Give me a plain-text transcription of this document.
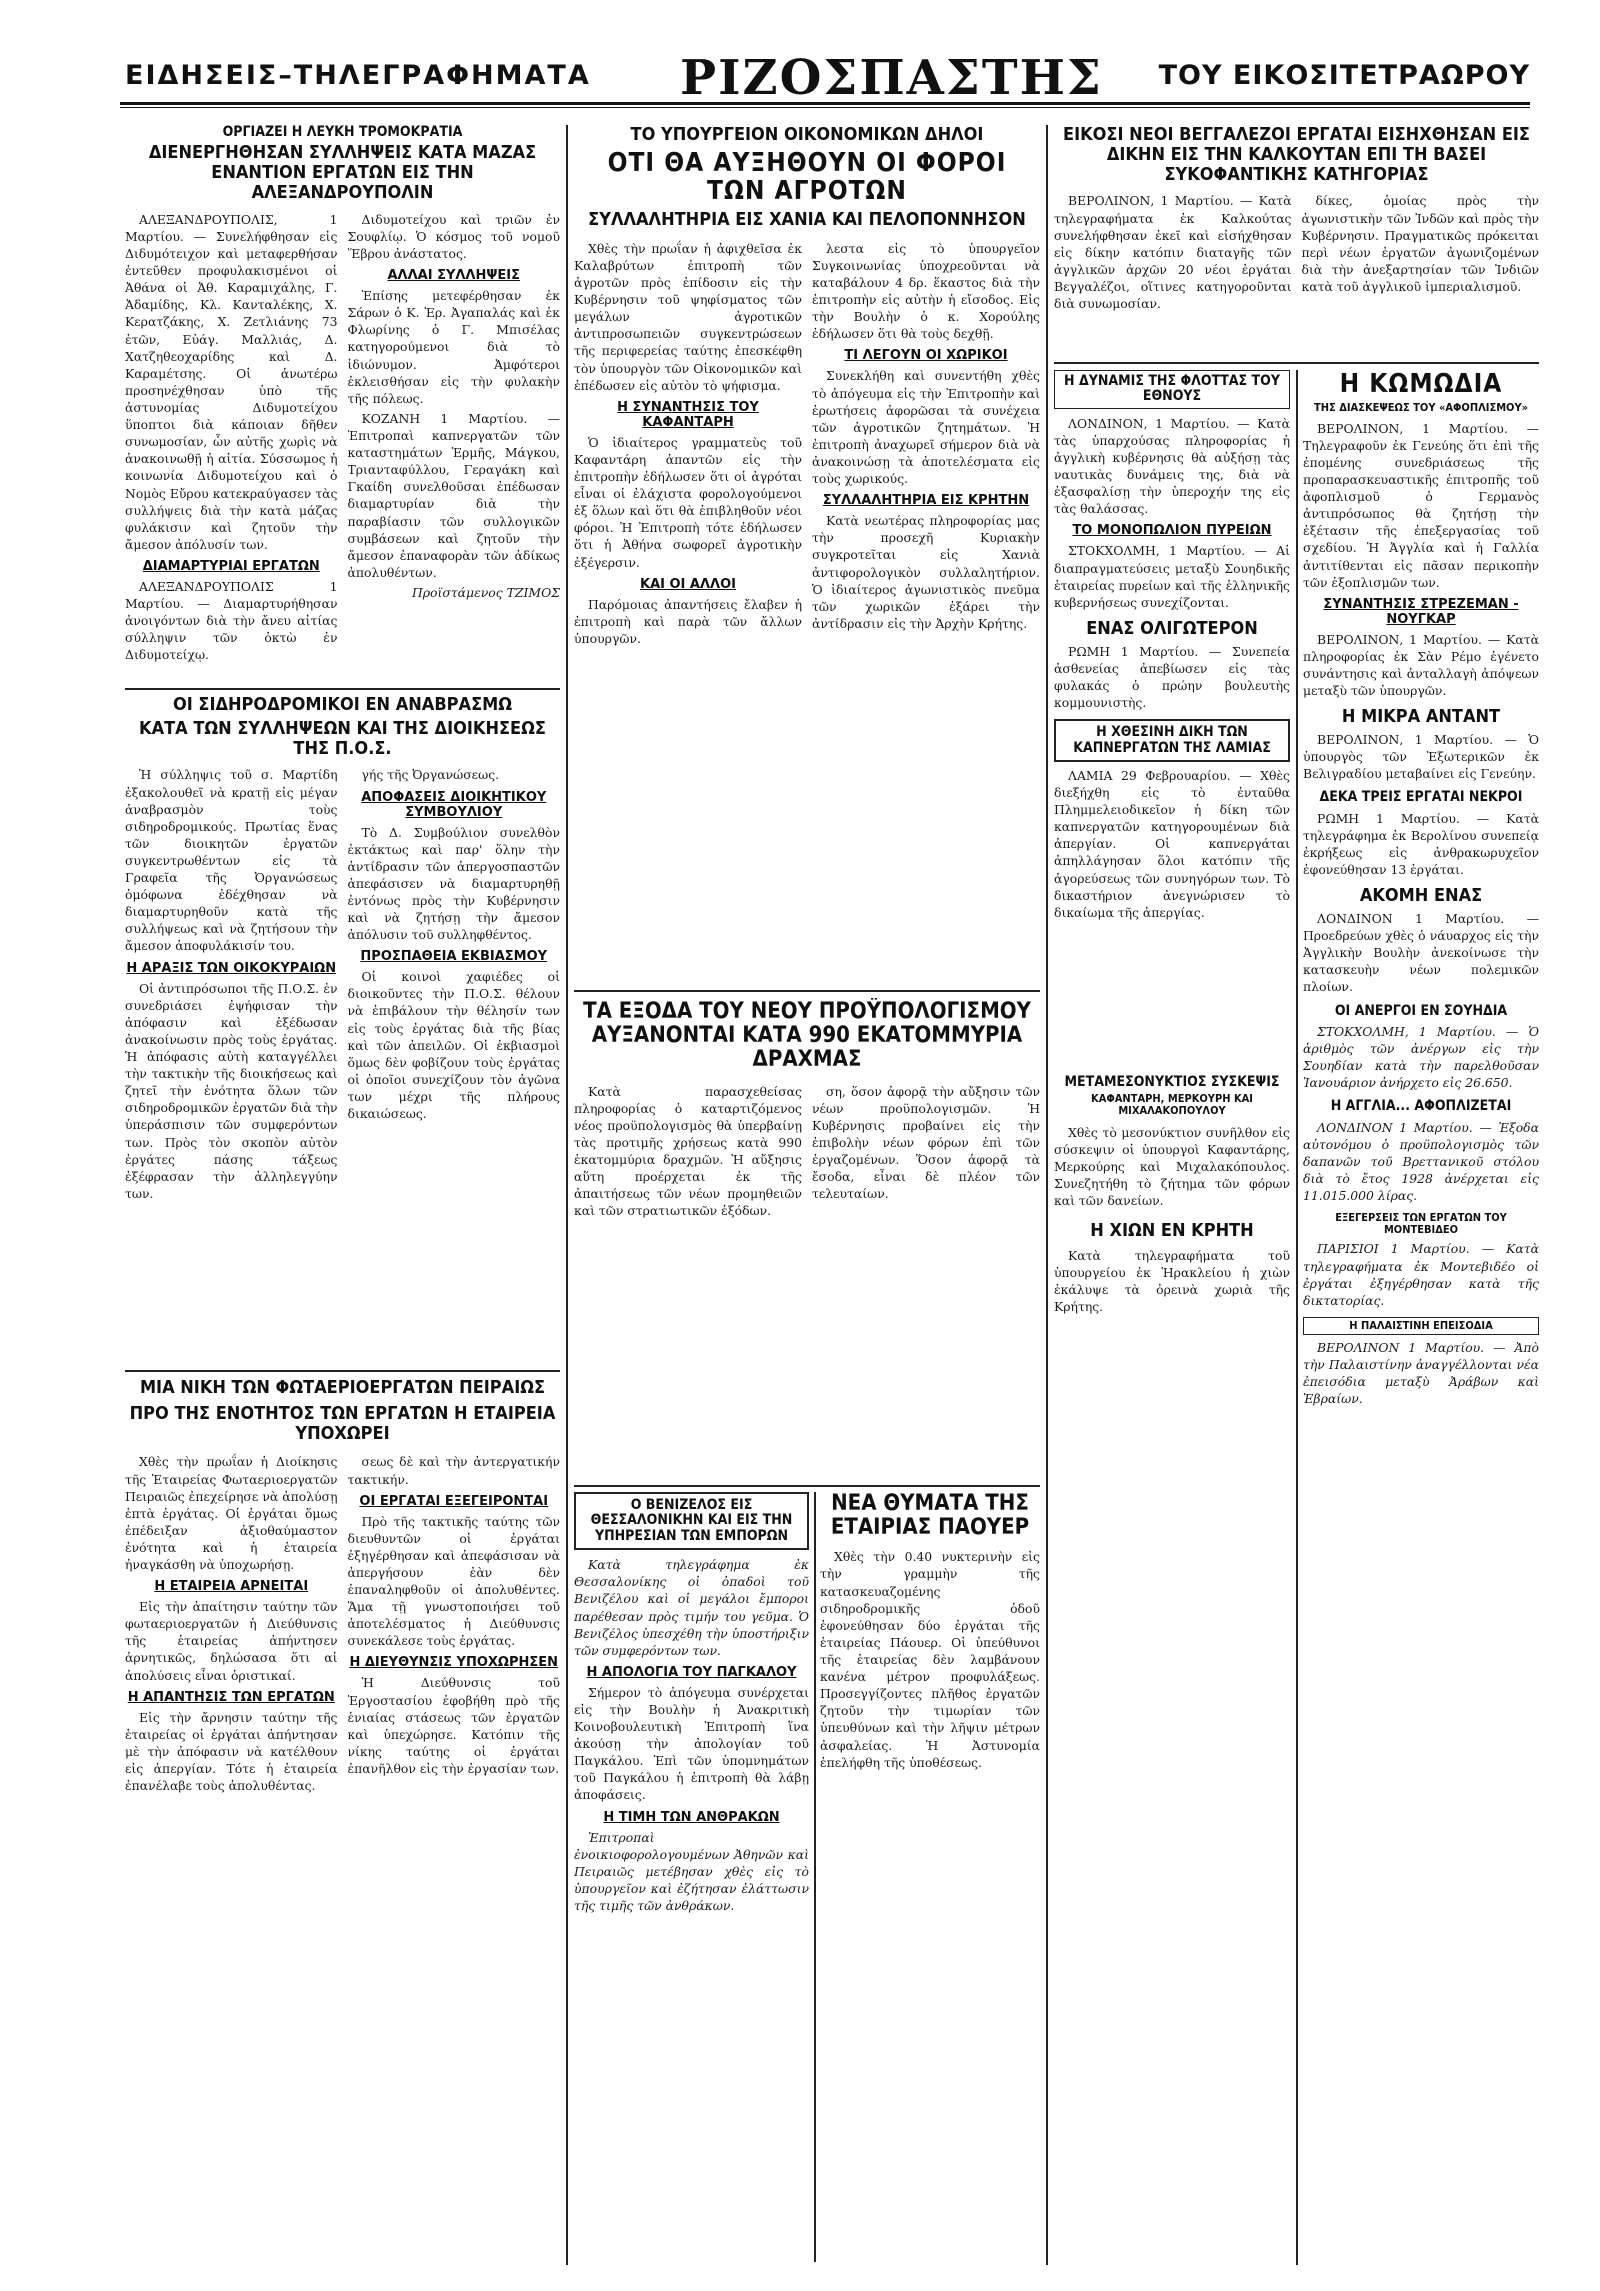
ΕΙΔΗΣΕΙΣ–ΤΗΛΕΓΡΑΦΗΜΑΤΑ ΡΙΖΟΣΠΑΣΤΗΣ ΤΟΥ ΕΙΚΟΣΙΤΕΤΡΑΩΡΟΥ
ΟΡΓΙΑΖΕΙ Η ΛΕΥΚΗ ΤΡΟΜΟΚΡΑΤΙΑ
ΔΙΕΝΕΡΓΗΘΗΣΑΝ ΣΥΛΛΗΨΕΙΣ ΚΑΤΑ ΜΑΖΑΣ ΕΝΑΝΤΙΟΝ ΕΡΓΑΤΩΝ ΕΙΣ ΤΗΝ ΑΛΕΞΑΝΔΡΟΥΠΟΛΙΝ

ΑΛΕΞΑΝΔΡΟΥΠΟΛΙΣ, 1 Μαρτίου. — Συνελήφθησαν εἰς Διδυμότειχον καὶ μεταφερθήσαν ἐντεῦθεν προφυλακισμένοι οἱ Ἀθάνα οἱ Ἀθ. Καραμιχάλης, Γ. Ἀδαμίδης, Κλ. Κανταλέκης, Χ. Κερατζάκης, Χ. Ζετλιάνης 73 ἐτῶν, Εὐάγ. Μαλλιάς, Δ. Χατζηθεοχαρίδης καὶ Δ. Καραμέτσης. Οἱ ἀνωτέρω προσηνέχθησαν ὑπὸ τῆς ἀστυνομίας Διδυμοτείχου ὕποπτοι διὰ κάποιαν δῆθεν συνωμοσίαν, ὧν αὐτῆς χωρὶς νὰ ἀνακοινωθῇ ἡ αἰτία. Σύσσωμος ἡ κοινωνία Διδυμοτείχου καὶ ὁ Νομὸς Εὔρου κατεκραύγασεν τὰς συλλήψεις διὰ τὴν κατὰ μάζας φυλάκισιν καὶ ζητοῦν τὴν ἄμεσον ἀπόλυσίν των.

ΔΙΑΜΑΡΤΥΡΙΑΙ ΕΡΓΑΤΩΝ

ΑΛΕΞΑΝΔΡΟΥΠΟΛΙΣ 1 Μαρτίου. — Διαμαρτυρήθησαν ἀνοιγόντων διὰ τὴν ἄνευ αἰτίας σύλληψιν τῶν ὀκτὼ ἐν Διδυμοτείχῳ.

Διδυμοτείχου καὶ τριῶν ἐν Σουφλίῳ. Ὁ κόσμος τοῦ νομοῦ Ἕβρου ἀνάστατος.

ΑΛΛΑΙ ΣΥΛΛΗΨΕΙΣ

Ἐπίσης μετεφέρθησαν ἐκ Σάρων ὁ Κ. Ἐρ. Ἀγαπαλάς καὶ ἐκ Φλωρίνης ὁ Γ. Μπισέλας κατηγορούμενοι διὰ τὸ ἰδιώνυμον. Ἀμφότεροι ἐκλεισθήσαν εἰς τὴν φυλακὴν τῆς πόλεως.

ΚΟΖΑΝΗ 1 Μαρτίου. — Ἐπιτροπαὶ καπνεργατῶν τῶν καταστημάτων Ἑρμῆς, Μάγκου, Τριανταφύλλου, Γεραγάκη καὶ Γκαίδη συνελθοῦσαι ἐπέδωσαν διαμαρτυρίαν διὰ τὴν παραβίασιν τῶν συλλογικῶν συμβάσεων καὶ ζητοῦν τὴν ἄμεσον ἐπαναφορὰν τῶν ἀδίκως ἀπολυθέντων.

Προϊστάμενος ΤΖΙΜΟΣ

ΟΙ ΣΙΔΗΡΟΔΡΟΜΙΚΟΙ ΕΝ ΑΝΑΒΡΑΣΜΩ
ΚΑΤΑ ΤΩΝ ΣΥΛΛΗΨΕΩΝ ΚΑΙ ΤΗΣ ΔΙΟΙΚΗΣΕΩΣ ΤΗΣ Π.Ο.Σ.

Ἡ σύλληψις τοῦ σ. Μαρτίδη ἐξακολουθεῖ νὰ κρατῇ εἰς μέγαν ἀναβρασμὸν τοὺς σιδηροδρομικούς. Πρωτίας ἕνας τῶν διοικητῶν ἐργατῶν συγκεντρωθέντων εἰς τὰ Γραφεῖα τῆς Ὀργανώσεως ὁμόφωνα ἐδέχθησαν νὰ διαμαρτυρηθοῦν κατὰ τῆς συλλήψεως καὶ νὰ ζητήσουν τὴν ἄμεσον ἀποφυλάκισίν του.

Η ΑΡΑΞΙΣ ΤΩΝ ΟΙΚΟΚΥΡΑΙΩΝ

Οἱ ἀντιπρόσωποι τῆς Π.Ο.Σ. ἐν συνεδριάσει ἐψήφισαν τὴν ἀπόφασιν καὶ ἐξέδωσαν ἀνακοίνωσιν πρὸς τοὺς ἐργάτας. Ἡ ἀπόφασις αὐτὴ καταγγέλλει τὴν τακτικὴν τῆς διοικήσεως καὶ ζητεῖ τὴν ἐνότητα ὅλων τῶν σιδηροδρομικῶν ἐργατῶν διὰ τὴν ὑπεράσπισιν τῶν συμφερόντων των. Πρὸς τὸν σκοπὸν αὐτὸν ἐργάτες πάσης τάξεως ἐξέφρασαν τὴν ἀλληλεγγύην των.

γής τῆς Ὀργανώσεως.

ΑΠΟΦΑΣΕΙΣ ΔΙΟΙΚΗΤΙΚΟΥ ΣΥΜΒΟΥΛΙΟΥ

Τὸ Δ. Συμβούλιον συνελθὸν ἐκτάκτως καὶ παρ' ὅλην τὴν ἀντίδρασιν τῶν ἀπεργοσπαστῶν ἀπεφάσισεν νὰ διαμαρτυρηθῇ ἐντόνως πρὸς τὴν Κυβέρνησιν καὶ νὰ ζητήσῃ τὴν ἄμεσον ἀπόλυσιν τοῦ συλληφθέντος.

ΠΡΟΣΠΑΘΕΙΑ ΕΚΒΙΑΣΜΟΥ

Οἱ κοινοὶ χαφιέδες οἱ διοικοῦντες τὴν Π.Ο.Σ. θέλουν νὰ ἐπιβάλουν τὴν θέλησίν των εἰς τοὺς ἐργάτας διὰ τῆς βίας καὶ τῶν ἀπειλῶν. Οἱ ἐκβιασμοὶ ὅμως δὲν φοβίζουν τοὺς ἐργάτας οἱ ὁποῖοι συνεχίζουν τὸν ἀγῶνα των μέχρι τῆς πλήρους δικαιώσεως.

ΜΙΑ ΝΙΚΗ ΤΩΝ ΦΩΤΑΕΡΙΟΕΡΓΑΤΩΝ ΠΕΙΡΑΙΩΣ
ΠΡΟ ΤΗΣ ΕΝΟΤΗΤΟΣ ΤΩΝ ΕΡΓΑΤΩΝ Η ΕΤΑΙΡΕΙΑ ΥΠΟΧΩΡΕΙ

Χθὲς τὴν πρωΐαν ἡ Διοίκησις τῆς Ἑταιρείας Φωταεριοεργατῶν Πειραιῶς ἐπεχείρησε νὰ ἀπολύσῃ ἑπτὰ ἐργάτας. Οἱ ἐργάται ὅμως ἐπέδειξαν ἀξιοθαύμαστον ἐνότητα καὶ ἡ ἑταιρεία ἠναγκάσθη νὰ ὑποχωρήσῃ.

Η ΕΤΑΙΡΕΙΑ ΑΡΝΕΙΤΑΙ

Εἰς τὴν ἀπαίτησιν ταύτην τῶν φωταεριοεργατῶν ἡ Διεύθυνσις τῆς ἑταιρείας ἀπήντησεν ἀρνητικῶς, δηλώσασα ὅτι αἱ ἀπολύσεις εἶναι ὁριστικαί.

Η ΑΠΑΝΤΗΣΙΣ ΤΩΝ ΕΡΓΑΤΩΝ

Εἰς τὴν ἄρνησιν ταύτην τῆς ἑταιρείας οἱ ἐργάται ἀπήντησαν μὲ τὴν ἀπόφασιν νὰ κατέλθουν εἰς ἀπεργίαν. Τότε ἡ ἑταιρεία ἐπανέλαβε τοὺς ἀπολυθέντας.

σεως δὲ καὶ τὴν ἀντεργατικήν τακτικήν.

ΟΙ ΕΡΓΑΤΑΙ ΕΞΕΓΕΙΡΟΝΤΑΙ

Πρὸ τῆς τακτικῆς ταύτης τῶν διευθυντῶν οἱ ἐργάται ἐξηγέρθησαν καὶ ἀπεφάσισαν νὰ ἀπεργήσουν ἐὰν δὲν ἐπαναληφθοῦν οἱ ἀπολυθέντες. Ἅμα τῇ γνωστοποιήσει τοῦ ἀποτελέσματος ἡ Διεύθυνσις συνεκάλεσε τοὺς ἐργάτας.

Η ΔΙΕΥΘΥΝΣΙΣ ΥΠΟΧΩΡΗΣΕΝ

Ἡ Διεύθυνσις τοῦ Ἐργοστασίου ἐφοβήθη πρὸ τῆς ἑνιαίας στάσεως τῶν ἐργατῶν καὶ ὑπεχώρησε. Κατόπιν τῆς νίκης ταύτης οἱ ἐργάται ἐπανῆλθον εἰς τὴν ἐργασίαν των.

ΤΟ ΥΠΟΥΡΓΕΙΟΝ ΟΙΚΟΝΟΜΙΚΩΝ ΔΗΛΟΙ
ΟΤΙ ΘΑ ΑΥΞΗΘΟΥΝ ΟΙ ΦΟΡΟΙ ΤΩΝ ΑΓΡΟΤΩΝ
ΣΥΛΛΑΛΗΤΗΡΙΑ ΕΙΣ ΧΑΝΙΑ ΚΑΙ ΠΕΛΟΠΟΝΝΗΣΟΝ

Χθὲς τὴν πρωΐαν ἡ ἀφιχθεῖσα ἐκ Καλαβρύτων ἐπιτροπὴ τῶν ἀγροτῶν πρὸς ἐπίδοσιν εἰς τὴν Κυβέρνησιν τοῦ ψηφίσματος τῶν μεγάλων ἀγροτικῶν ἀντιπροσωπειῶν συγκεντρώσεων τῆς περιφερείας ταύτης ἐπεσκέφθη τὸν ὑπουργὸν τῶν Οἰκονομικῶν καὶ ἐπέδωσεν εἰς αὐτὸν τὸ ψήφισμα.

Η ΣΥΝΑΝΤΗΣΙΣ ΤΟΥ ΚΑΦΑΝΤΑΡΗ

Ὁ ἰδιαίτερος γραμματεὺς τοῦ Καφαντάρη ἀπαντῶν εἰς τὴν ἐπιτροπὴν ἐδήλωσεν ὅτι οἱ ἀγρόται εἶναι οἱ ἐλάχιστα φορολογούμενοι ἐξ ὅλων καὶ ὅτι θὰ ἐπιβληθοῦν νέοι φόροι. Ἡ Ἐπιτροπὴ τότε ἐδήλωσεν ὅτι ἡ Ἀθήνα σωφορεῖ ἀγροτικὴν ἐξέγερσιν.

ΚΑΙ ΟΙ ΑΛΛΟΙ

Παρόμοιας ἀπαντήσεις ἔλαβεν ἡ ἐπιτροπὴ καὶ παρὰ τῶν ἄλλων ὑπουργῶν.

λεστα εἰς τὸ ὑπουργεῖον Συγκοινωνίας ὑποχρεοῦνται νὰ καταβάλουν 4 δρ. ἕκαστος διὰ τὴν ἐπιτροπὴν εἰς αὐτὴν ἡ εἴσοδος. Εἰς τὴν Βουλὴν ὁ κ. Χορούλης ἐδήλωσεν ὅτι θὰ τοὺς δεχθῇ.

ΤΙ ΛΕΓΟΥΝ ΟΙ ΧΩΡΙΚΟΙ

Συνεκλήθη καὶ συνεντήθη χθὲς τὸ ἀπόγευμα εἰς τὴν Ἐπιτροπὴν καὶ ἐρωτήσεις ἀφορῶσαι τὰ συνέχεια τῶν ἀγροτικῶν ζητημάτων. Ἡ ἐπιτροπὴ ἀναχωρεῖ σήμερον διὰ νὰ ἀνακοινώσῃ τὰ ἀποτελέσματα εἰς τοὺς χωρικούς.

ΣΥΛΛΑΛΗΤΗΡΙΑ ΕΙΣ ΚΡΗΤΗΝ

Κατὰ νεωτέρας πληροφορίας μας τὴν προσεχῆ Κυριακὴν συγκροτεῖται εἰς Χανιὰ ἀντιφορολογικὸν συλλαλητήριον. Ὁ ἰδιαίτερος ἀγωνιστικὸς πνεῦμα τῶν χωρικῶν ἐξάρει τὴν ἀντίδρασιν εἰς τὴν Ἀρχὴν Κρήτης.

ΤΑ ΕΞΟΔΑ ΤΟΥ ΝΕΟΥ ΠΡΟΫΠΟΛΟΓΙΣΜΟΥ ΑΥΞΑΝΟΝΤΑΙ ΚΑΤΑ 990 ΕΚΑΤΟΜΜΥΡΙΑ ΔΡΑΧΜΑΣ

Κατὰ παρασχεθείσας πληροφορίας ὁ καταρτιζόμενος νέος προϋπολογισμὸς θὰ ὑπερβαίνῃ τὰς προτιμῆς χρήσεως κατὰ 990 ἑκατομμύρια δραχμῶν. Ἡ αὔξησις αὕτη προέρχεται ἐκ τῆς ἀπαιτήσεως τῶν νέων προμηθειῶν καὶ τῶν στρατιωτικῶν ἐξόδων.

ση, ὅσον ἀφορᾷ τὴν αὔξησιν τῶν νέων προϋπολογισμῶν. Ἡ Κυβέρνησις προβαίνει εἰς τὴν ἐπιβολὴν νέων φόρων ἐπὶ τῶν ἐργαζομένων. Ὅσον ἀφορᾷ τὰ ἔσοδα, εἶναι δὲ πλέον τῶν τελευταίων.

Ο ΒΕΝΙΖΕΛΟΣ ΕΙΣ ΘΕΣΣΑΛΟΝΙΚΗΝ ΚΑΙ ΕΙΣ ΤΗΝ ΥΠΗΡΕΣΙΑΝ ΤΩΝ ΕΜΠΟΡΩΝ

Κατὰ τηλεγράφημα ἐκ Θεσσαλονίκης οἱ ὀπαδοὶ τοῦ Βενιζέλου καὶ οἱ μεγάλοι ἔμποροι παρέθεσαν πρὸς τιμήν του γεῦμα. Ὁ Βενιζέλος ὑπεσχέθη τὴν ὑποστήριξιν τῶν συμφερόντων των.

Η ΑΠΟΛΟΓΙΑ ΤΟΥ ΠΑΓΚΑΛΟΥ

Σήμερον τὸ ἀπόγευμα συνέρχεται εἰς τὴν Βουλὴν ἡ Ἀνακριτικὴ Κοινοβουλευτικὴ Ἐπιτροπὴ ἵνα ἀκούσῃ τὴν ἀπολογίαν τοῦ Παγκάλου. Ἐπὶ τῶν ὑπομνημάτων τοῦ Παγκάλου ἡ ἐπιτροπὴ θὰ λάβῃ ἀποφάσεις.

Η ΤΙΜΗ ΤΩΝ ΑΝΘΡΑΚΩΝ

Ἐπιτροπαὶ ἐνοικιοφορολογουμένων Ἀθηνῶν καὶ Πειραιῶς μετέβησαν χθὲς εἰς τὸ ὑπουργεῖον καὶ ἐζήτησαν ἐλάττωσιν τῆς τιμῆς τῶν ἀνθράκων.

ΝΕΑ ΘΥΜΑΤΑ ΤΗΣ ΕΤΑΙΡΙΑΣ ΠΑΟΥΕΡ

Χθὲς τὴν 0.40 νυκτερινὴν εἰς τὴν γραμμὴν τῆς κατασκευαζομένης σιδηροδρομικῆς ὁδοῦ ἐφονεύθησαν δύο ἐργάται τῆς ἑταιρείας Πάουερ. Οἱ ὑπεύθυνοι τῆς ἑταιρείας δὲν λαμβάνουν κανένα μέτρον προφυλάξεως. Προσεγγίζοντες πλῆθος ἐργατῶν ζητοῦν τὴν τιμωρίαν τῶν ὑπευθύνων καὶ τὴν λῆψιν μέτρων ἀσφαλείας. Ἡ Ἀστυνομία ἐπελήφθη τῆς ὑποθέσεως.

ΕΙΚΟΣΙ ΝΕΟΙ ΒΕΓΓΑΛΕΖΟΙ ΕΡΓΑΤΑΙ ΕΙΣΗΧΘΗΣΑΝ ΕΙΣ ΔΙΚΗΝ ΕΙΣ ΤΗΝ ΚΑΛΚΟΥΤΑΝ ΕΠΙ ΤΗ ΒΑΣΕΙ ΣΥΚΟΦΑΝΤΙΚΗΣ ΚΑΤΗΓΟΡΙΑΣ

ΒΕΡΟΛΙΝΟΝ, 1 Μαρτίου. — Κατὰ τηλεγραφήματα ἐκ Καλκούτας συνελήφθησαν ἐκεῖ καὶ εἰσήχθησαν εἰς δίκην κατόπιν διαταγῆς τῶν ἀγγλικῶν ἀρχῶν 20 νέοι ἐργάται Βεγγαλέζοι, οἵτινες κατηγοροῦνται διὰ συνωμοσίαν.

δίκες, ὁμοίας πρὸς τὴν ἀγωνιστικὴν τῶν Ἰνδῶν καὶ πρὸς τὴν Κυβέρνησιν. Πραγματικῶς πρόκειται περὶ νέων ἐργατῶν ἀγωνιζομένων διὰ τὴν ἀνεξαρτησίαν τῶν Ἰνδιῶν κατὰ τοῦ ἀγγλικοῦ ἰμπεριαλισμοῦ.

Η ΔΥΝΑΜΙΣ ΤΗΣ ΦΛΟΤΤΑΣ ΤΟΥ ΕΘΝΟΥΣ

ΛΟΝΔΙΝΟΝ, 1 Μαρτίου. — Κατὰ τὰς ὑπαρχούσας πληροφορίας ἡ ἀγγλικὴ κυβέρνησις θὰ αὐξήσῃ τὰς ναυτικὰς δυνάμεις της, διὰ νὰ ἐξασφαλίσῃ τὴν ὑπεροχήν της εἰς τὰς θαλάσσας.

ΤΟ ΜΟΝΟΠΩΛΙΟΝ ΠΥΡΕΙΩΝ

ΣΤΟΚΧΟΛΜΗ, 1 Μαρτίου. — Αἱ διαπραγματεύσεις μεταξὺ Σουηδικῆς ἑταιρείας πυρείων καὶ τῆς ἑλληνικῆς κυβερνήσεως συνεχίζονται.

ΕΝΑΣ ΟΛΙΓΩΤΕΡΟΝ

ΡΩΜΗ 1 Μαρτίου. — Συνεπεία ἀσθενείας ἀπεβίωσεν εἰς τὰς φυλακάς ὁ πρώην βουλευτὴς κομμουνιστὴς.

Η ΧΘΕΣΙΝΗ ΔΙΚΗ ΤΩΝ ΚΑΠΝΕΡΓΑΤΩΝ ΤΗΣ ΛΑΜΙΑΣ

ΛΑΜΙΑ 29 Φεβρουαρίου. — Χθὲς διεξήχθη εἰς τὸ ἐνταῦθα Πλημμελειοδικεῖον ἡ δίκη τῶν καπνεργατῶν κατηγορουμένων διὰ ἀπεργίαν. Οἱ καπνεργάται ἀπηλλάγησαν ὅλοι κατόπιν τῆς ἀγορεύσεως τῶν συνηγόρων των. Τὸ δικαστήριον ἀνεγνώρισεν τὸ δικαίωμα τῆς ἀπεργίας.

ΜΕΤΑΜΕΣΟΝΥΚΤΙΟΣ ΣΥΣΚΕΨΙΣ
ΚΑΦΑΝΤΑΡΗ, ΜΕΡΚΟΥΡΗ ΚΑΙ ΜΙΧΑΛΑΚΟΠΟΥΛΟΥ

Χθὲς τὸ μεσονύκτιον συνῆλθον εἰς σύσκεψιν οἱ ὑπουργοὶ Καφαντάρης, Μερκούρης καὶ Μιχαλακόπουλος. Συνεζητήθη τὸ ζήτημα τῶν φόρων καὶ τῶν δανείων.

Η ΧΙΩΝ ΕΝ ΚΡΗΤΗ

Κατὰ τηλεγραφήματα τοῦ ὑπουργείου ἐκ Ἡρακλείου ἡ χιὼν ἐκάλυψε τὰ ὀρεινὰ χωριὰ τῆς Κρήτης.

Η ΚΩΜΩΔΙΑ
ΤΗΣ ΔΙΑΣΚΕΨΕΩΣ ΤΟΥ «ΑΦΟΠΛΙΣΜΟΥ»

ΒΕΡΟΛΙΝΟΝ, 1 Μαρτίου. — Τηλεγραφοῦν ἐκ Γενεύης ὅτι ἐπὶ τῆς ἐπομένης συνεδριάσεως τῆς προπαρασκευαστικῆς ἐπιτροπῆς τοῦ ἀφοπλισμοῦ ὁ Γερμανὸς ἀντιπρόσωπος θὰ ζητήσῃ τὴν ἐξέτασιν τῆς ἐπεξεργασίας τοῦ σχεδίου. Ἡ Ἀγγλία καὶ ἡ Γαλλία ἀντιτίθενται εἰς πᾶσαν περικοπὴν τῶν ἐξοπλισμῶν των.

ΣΥΝΑΝΤΗΣΙΣ ΣΤΡΕΖΕΜΑΝ ‑ ΝΟΥΓΚΑΡ

ΒΕΡΟΛΙΝΟΝ, 1 Μαρτίου. — Κατὰ πληροφορίας ἐκ Σὰν Ρέμο ἐγένετο συνάντησις καὶ ἀνταλλαγὴ ἀπόψεων μεταξὺ τῶν ὑπουργῶν.

Η ΜΙΚΡΑ ΑΝΤΑΝΤ

ΒΕΡΟΛΙΝΟΝ, 1 Μαρτίου. — Ὁ ὑπουργὸς τῶν Ἐξωτερικῶν ἐκ Βελιγραδίου μεταβαίνει εἰς Γενεύην.

ΔΕΚΑ ΤΡΕΙΣ ΕΡΓΑΤΑΙ ΝΕΚΡΟΙ

ΡΩΜΗ 1 Μαρτίου. — Κατὰ τηλεγράφημα ἐκ Βερολίνου συνεπείᾳ ἐκρήξεως εἰς ἀνθρακωρυχεῖον ἐφονεύθησαν 13 ἐργάται.

ΑΚΟΜΗ ΕΝΑΣ

ΛΟΝΔΙΝΟΝ 1 Μαρτίου. — Προεδρεύων χθὲς ὁ νάυαρχος εἰς τὴν Ἀγγλικὴν Βουλὴν ἀνεκοίνωσε τὴν κατασκευὴν νέων πολεμικῶν πλοίων.

ΟΙ ΑΝΕΡΓΟΙ ΕΝ ΣΟΥΗΔΙΑ

ΣΤΟΚΧΟΛΜΗ, 1 Μαρτίου. — Ὁ ἀριθμὸς τῶν ἀνέργων εἰς τὴν Σουηδίαν κατὰ τὴν παρελθοῦσαν Ἰανουάριον ἀνήρχετο εἰς 26.650.

Η ΑΓΓΛΙΑ... ΑΦΟΠΛΙΖΕΤΑΙ

ΛΟΝΔΙΝΟΝ 1 Μαρτίου. — Ἐξοδα αὐτονόμου ὁ προϋπολογισμὸς τῶν δαπανῶν τοῦ Βρεττανικοῦ στόλου διὰ τὸ ἔτος 1928 ἀνέρχεται εἰς 11.015.000 λίρας.

ΕΞΕΓΕΡΣΕΙΣ ΤΩΝ ΕΡΓΑΤΩΝ ΤΟΥ ΜΟΝΤΕΒΙΔΕΟ

ΠΑΡΙΣΙΟΙ 1 Μαρτίου. — Κατὰ τηλεγραφήματα ἐκ Μοντεβιδέο οἱ ἐργάται ἐξηγέρθησαν κατὰ τῆς δικτατορίας.

Η ΠΑΛΑΙΣΤΙΝΗ ΕΠΕΙΣΟΔΙΑ

ΒΕΡΟΛΙΝΟΝ 1 Μαρτίου. — Ἀπὸ τὴν Παλαιστίνην ἀναγγέλλονται νέα ἐπεισόδια μεταξὺ Ἀράβων καὶ Ἑβραίων.
